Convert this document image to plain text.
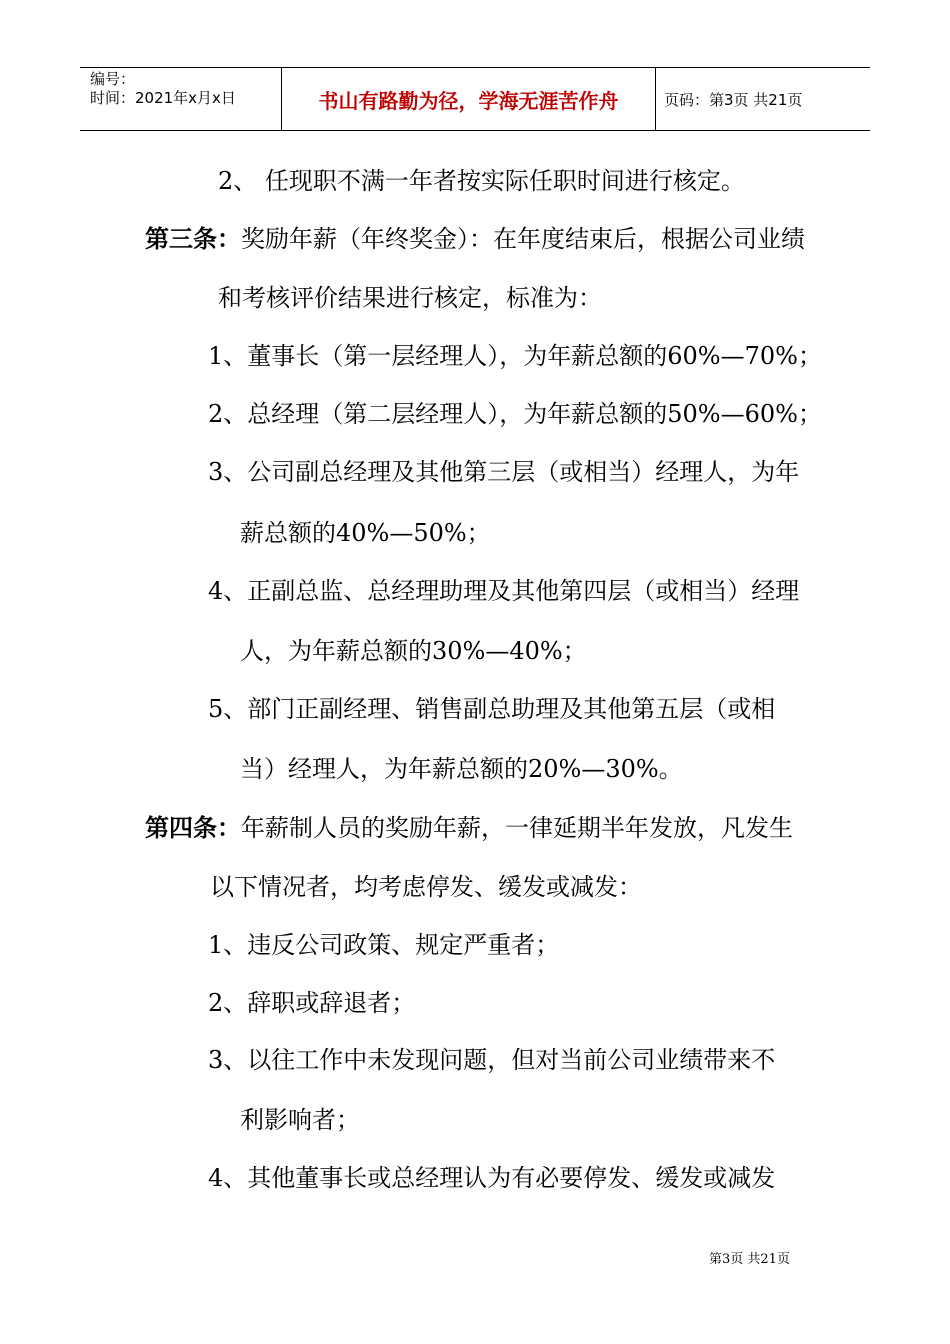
编号：
时间：2021年x月x日	书山有路勤为径，学海无涯苦作舟	页码：第3页 共21页
2、 任现职不满一年者按实际任职时间进行核定。
第三条：奖励年薪（年终奖金）：在年度结束后，根据公司业绩
和考核评价结果进行核定，标准为：
1、董事长（第一层经理人），为年薪总额的60%—70%；
2、总经理（第二层经理人），为年薪总额的50%—60%；
3、公司副总经理及其他第三层（或相当）经理人，为年
薪总额的40%—50%；
4、正副总监、总经理助理及其他第四层（或相当）经理
人，为年薪总额的30%—40%；
5、部门正副经理、销售副总助理及其他第五层（或相
当）经理人，为年薪总额的20%—30%。
第四条：年薪制人员的奖励年薪，一律延期半年发放，凡发生
以下情况者，均考虑停发、缓发或减发：
1、违反公司政策、规定严重者；
2、辞职或辞退者；
3、以往工作中未发现问题，但对当前公司业绩带来不
利影响者；
4、其他董事长或总经理认为有必要停发、缓发或减发
第3页 共21页
